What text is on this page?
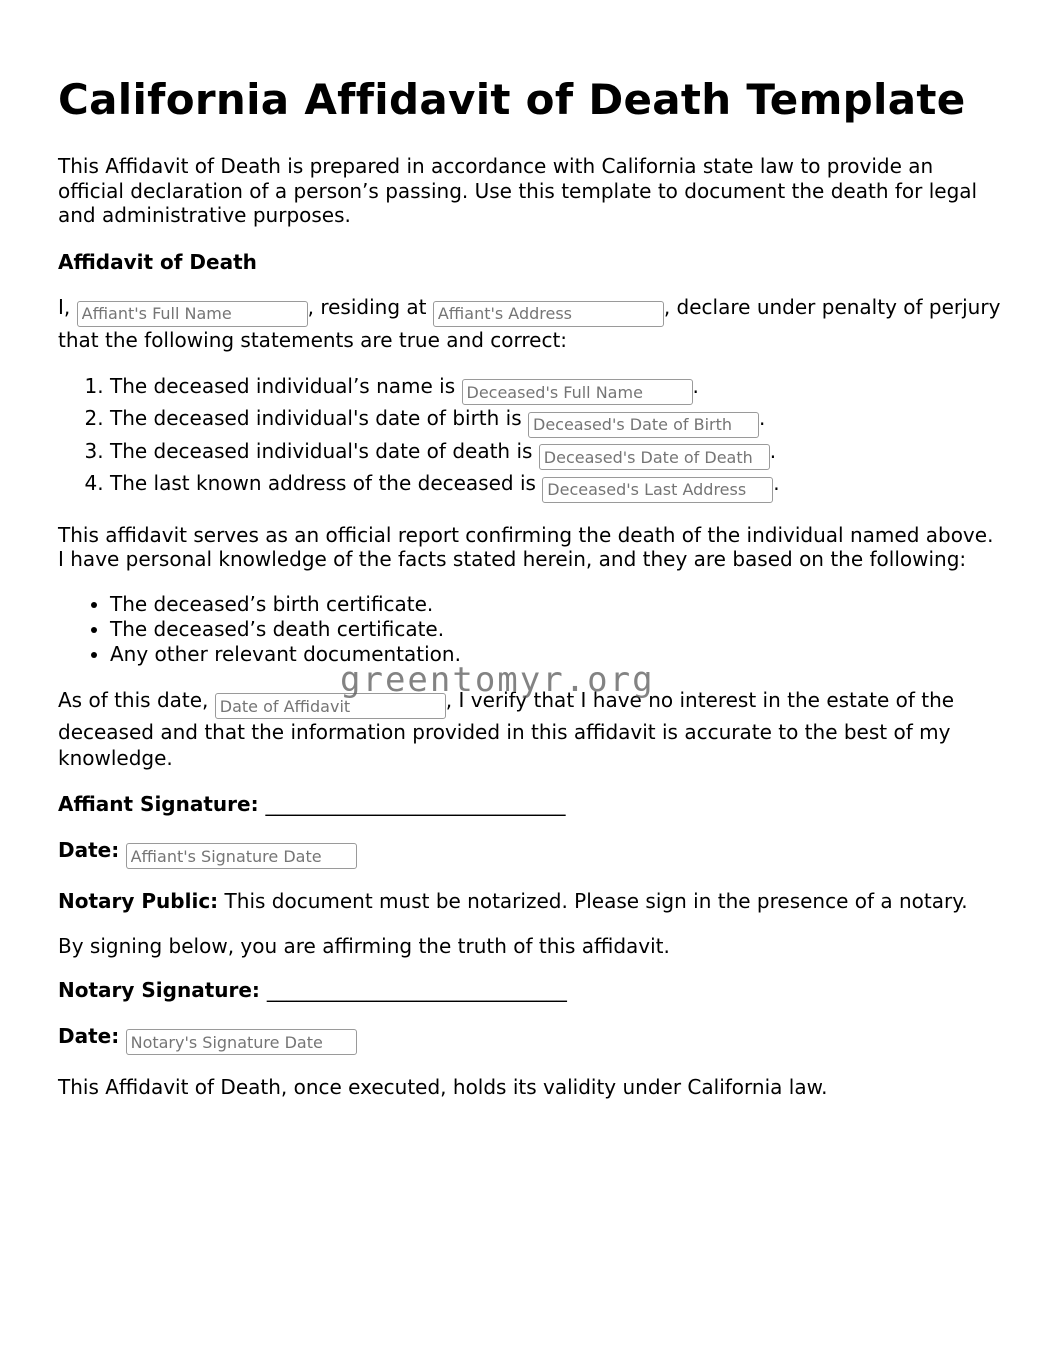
California Affidavit of Death Template

This Affidavit of Death is prepared in accordance with California state law to provide an official declaration of a person’s passing. Use this template to document the death for legal and administrative purposes.

Affidavit of Death

I, Affiant's Full Name	, residing at Affiant's Address	, declare under penalty of perjury that the following statements are true and correct:

1. The deceased individual’s name is Deceased's Full Name	.
2. The deceased individual's date of birth is Deceased's Date of Birth	.
3. The deceased individual's date of death is Deceased's Date of Death	.
4. The last known address of the deceased is Deceased's Last Address	.

This affidavit serves as an official report confirming the death of the individual named above. I have personal knowledge of the facts stated herein, and they are based on the following:

• The deceased’s birth certificate.
• The deceased’s death certificate.
• Any other relevant documentation.

As of this date, Date of Affidavit	, I verify that I have no interest in the estate of the deceased and that the information provided in this affidavit is accurate to the best of my knowledge.

Affiant Signature: ______________________________

Date: Affiant's Signature Date

Notary Public: This document must be notarized. Please sign in the presence of a notary.

By signing below, you are affirming the truth of this affidavit.

Notary Signature: ______________________________

Date: Notary's Signature Date

This Affidavit of Death, once executed, holds its validity under California law.

greentomyr.org
